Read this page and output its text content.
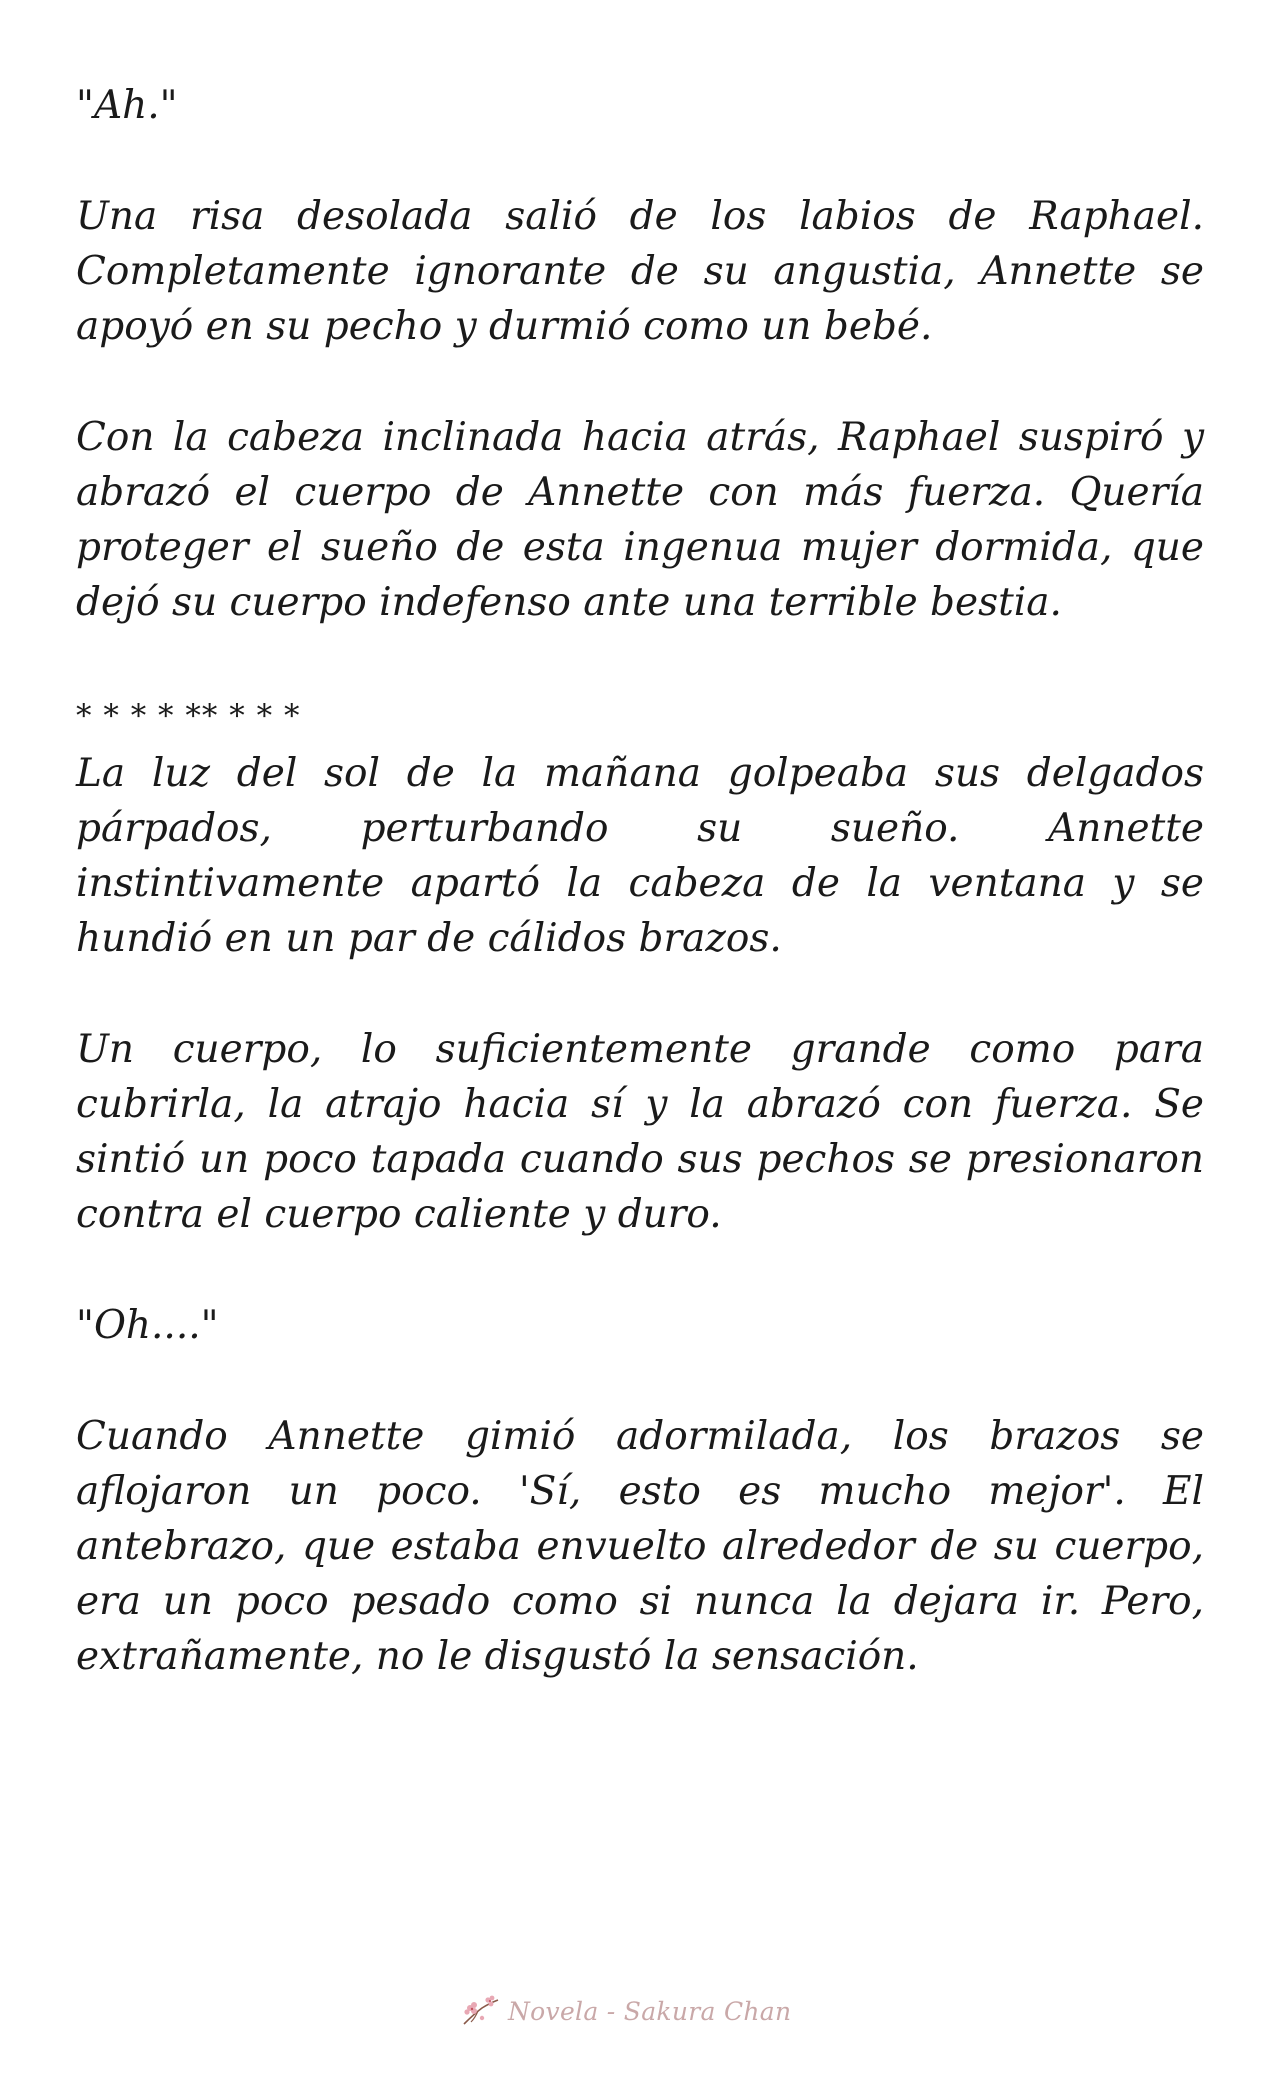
"Ah."

Una risa desolada salió de los labios de Raphael. Completamente ignorante de su angustia, Annette se apoyó en su pecho y durmió como un bebé.

Con la cabeza inclinada hacia atrás, Raphael suspiró y abrazó el cuerpo de Annette con más fuerza. Quería proteger el sueño de esta ingenua mujer dormida, que dejó su cuerpo indefenso ante una terrible bestia.

* * * * ** * * *

La luz del sol de la mañana golpeaba sus delgados párpados, perturbando su sueño. Annette instintivamente apartó la cabeza de la ventana y se hundió en un par de cálidos brazos.

Un cuerpo, lo suficientemente grande como para cubrirla, la atrajo hacia sí y la abrazó con fuerza. Se sintió un poco tapada cuando sus pechos se presionaron contra el cuerpo caliente y duro.

"Oh...."

Cuando Annette gimió adormilada, los brazos se aflojaron un poco. 'Sí, esto es mucho mejor'. El antebrazo, que estaba envuelto alrededor de su cuerpo, era un poco pesado como si nunca la dejara ir. Pero, extrañamente, no le disgustó la sensación.

Novela - Sakura Chan
